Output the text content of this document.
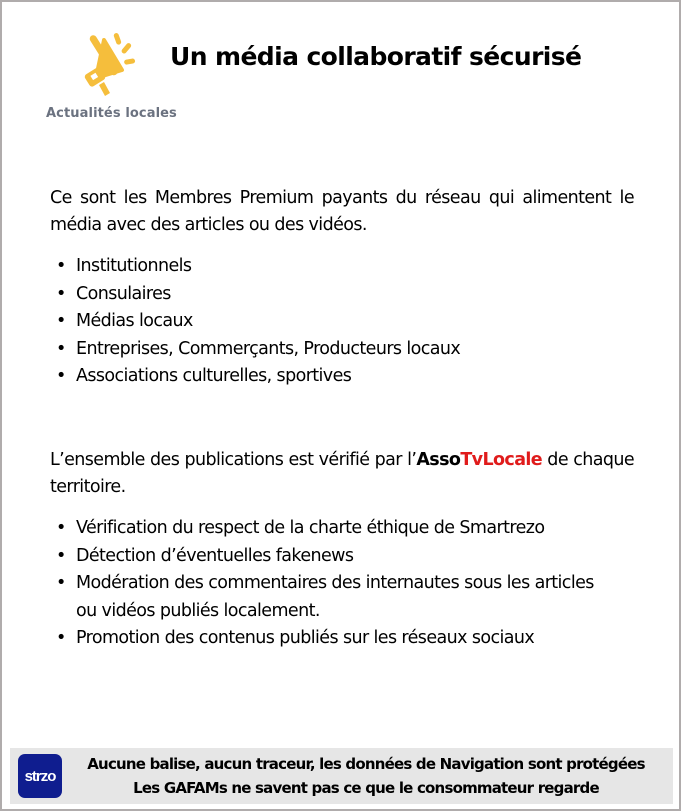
Actualités locales
Un média collaboratif sécurisé

Ce sont les Membres Premium payants du réseau qui alimentent le média avec des articles ou des vidéos.

• Institutionnels
• Consulaires
• Médias locaux
• Entreprises, Commerçants, Producteurs locaux
• Associations culturelles, sportives

L’ensemble des publications est vérifié par l’AssoTvLocale de chaque territoire.

• Vérification du respect de la charte éthique de Smartrezo
• Détection d’éventuelles fakenews
• Modération des commentaires des internautes sous les articles ou vidéos publiés localement.
• Promotion des contenus publiés sur les réseaux sociaux
strzo
Aucune balise, aucun traceur, les données de Navigation sont protégées
Les GAFAMs ne savent pas ce que le consommateur regarde
